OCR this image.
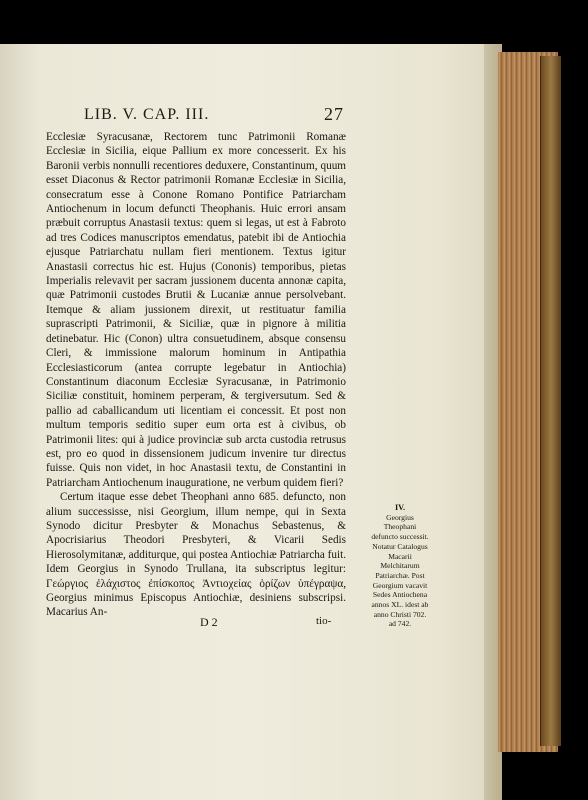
LIB. V. CAP. III.	27

Ecclesiæ Syracusanæ, Rectorem tunc Patrimonii Romanæ Ecclesiæ in Sicilia, eique Pallium ex more concesserit. Ex his Baronii verbis nonnulli recentiores deduxere, Constantinum, quum esset Diaconus & Rector patrimonii Romanæ Ecclesiæ in Sicilia, consecratum esse à Conone Romano Pontifice Patriarcham Antiochenum in locum defuncti Theophanis. Huic errori ansam præbuit corruptus Anastasii textus: quem si legas, ut est à Fabroto ad tres Codices manuscriptos emendatus, patebit ibi de Antiochia ejusque Patriarchatu nullam fieri mentionem. Textus igitur Anastasii correctus hic est. Hujus (Cononis) temporibus, pietas Imperialis relevavit per sacram jussionem ducenta annonæ capita, quæ Patrimonii custodes Brutii & Lucaniæ annue persolvebant. Itemque & aliam jussionem direxit, ut restituatur familia suprascripti Patrimonii, & Siciliæ, quæ in pignore à militia detinebatur. Hic (Conon) ultra consuetudinem, absque consensu Cleri, & immissione malorum hominum in Antipathia Ecclesiasticorum (antea corrupte legebatur in Antiochia) Constantinum diaconum Ecclesiæ Syracusanæ, in Patrimonio Siciliæ constituit, hominem perperam, & tergiversutum. Sed & pallio ad caballicandum uti licentiam ei concessit. Et post non multum temporis seditio super eum orta est à civibus, ob Patrimonii lites: qui à judice provinciæ sub arcta custodia retrusus est, pro eo quod in dissensionem judicum invenire tur directus fuisse. Quis non videt, in hoc Anastasii textu, de Constantini in Patriarcham Antiochenum inauguratione, ne verbum quidem fieri?

Certum itaque esse debet Theophani anno 685. defuncto, non alium successisse, nisi Georgium, illum nempe, qui in Sexta Synodo dicitur Presbyter & Monachus Sebastenus, & Apocrisiarius Theodori Presbyteri, & Vicarii Sedis Hierosolymitanæ, additurque, qui postea Antiochiæ Patriarcha fuit. Idem Georgius in Synodo Trullana, ita subscriptus legitur: Γεώργιος ἐλάχιστος ἐπίσκοπος Ἀντιοχείας ὁρίζων ὑπέγραψα, Georgius minimus Episcopus Antiochiæ, desiniens subscripsi. Macarius An-

IV.
Georgius Theophani defuncto successit. Notatur Catalogus Macarii Melchitarum Patriarchæ. Post Georgium vacavit Sedes Antiochena annos XL. idest ab anno Christi 702. ad 742.
D 2	tio-
